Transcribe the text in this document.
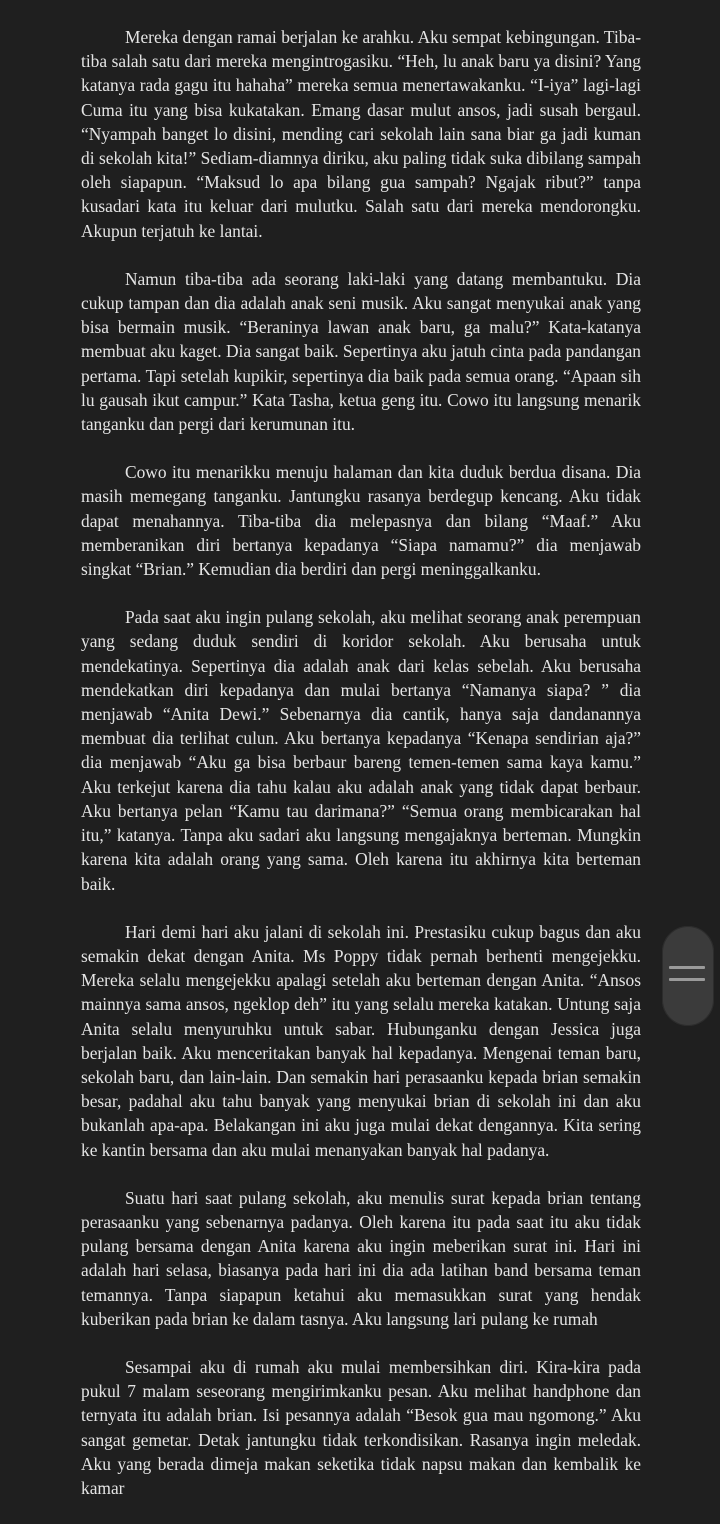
Mereka dengan ramai berjalan ke arahku. Aku sempat kebingungan. Tiba-tiba salah satu dari mereka mengintrogasiku. “Heh, lu anak baru ya disini? Yang katanya rada gagu itu hahaha” mereka semua menertawakanku. “I-iya” lagi-lagi Cuma itu yang bisa kukatakan. Emang dasar mulut ansos, jadi susah bergaul. “Nyampah banget lo disini, mending cari sekolah lain sana biar ga jadi kuman di sekolah kita!” Sediam-diamnya diriku, aku paling tidak suka dibilang sampah oleh siapapun. “Maksud lo apa bilang gua sampah? Ngajak ribut?” tanpa kusadari kata itu keluar dari mulutku. Salah satu dari mereka mendorongku. Akupun terjatuh ke lantai.

Namun tiba-tiba ada seorang laki-laki yang datang membantuku. Dia cukup tampan dan dia adalah anak seni musik. Aku sangat menyukai anak yang bisa bermain musik. “Beraninya lawan anak baru, ga malu?” Kata-katanya membuat aku kaget. Dia sangat baik. Sepertinya aku jatuh cinta pada pandangan pertama. Tapi setelah kupikir, sepertinya dia baik pada semua orang. “Apaan sih lu gausah ikut campur.” Kata Tasha, ketua geng itu. Cowo itu langsung menarik tanganku dan pergi dari kerumunan itu.

Cowo itu menarikku menuju halaman dan kita duduk berdua disana. Dia masih memegang tanganku. Jantungku rasanya berdegup kencang. Aku tidak dapat menahannya. Tiba-tiba dia melepasnya dan bilang “Maaf.” Aku memberanikan diri bertanya kepadanya “Siapa namamu?” dia menjawab singkat “Brian.” Kemudian dia berdiri dan pergi meninggalkanku.

Pada saat aku ingin pulang sekolah, aku melihat seorang anak perempuan yang sedang duduk sendiri di koridor sekolah. Aku berusaha untuk mendekatinya. Sepertinya dia adalah anak dari kelas sebelah. Aku berusaha mendekatkan diri kepadanya dan mulai bertanya “Namanya siapa? ” dia menjawab “Anita Dewi.” Sebenarnya dia cantik, hanya saja dandanannya membuat dia terlihat culun. Aku bertanya kepadanya “Kenapa sendirian aja?” dia menjawab “Aku ga bisa berbaur bareng temen-temen sama kaya kamu.” Aku terkejut karena dia tahu kalau aku adalah anak yang tidak dapat berbaur. Aku bertanya pelan “Kamu tau darimana?” “Semua orang membicarakan hal itu,” katanya. Tanpa aku sadari aku langsung mengajaknya berteman. Mungkin karena kita adalah orang yang sama. Oleh karena itu akhirnya kita berteman baik.

Hari demi hari aku jalani di sekolah ini. Prestasiku cukup bagus dan aku semakin dekat dengan Anita. Ms Poppy tidak pernah berhenti mengejekku. Mereka selalu mengejekku apalagi setelah aku berteman dengan Anita. “Ansos mainnya sama ansos, ngeklop deh” itu yang selalu mereka katakan. Untung saja Anita selalu menyuruhku untuk sabar. Hubunganku dengan Jessica juga berjalan baik. Aku menceritakan banyak hal kepadanya. Mengenai teman baru, sekolah baru, dan lain-lain. Dan semakin hari perasaanku kepada brian semakin besar, padahal aku tahu banyak yang menyukai brian di sekolah ini dan aku bukanlah apa-apa. Belakangan ini aku juga mulai dekat dengannya. Kita sering ke kantin bersama dan aku mulai menanyakan banyak hal padanya.

Suatu hari saat pulang sekolah, aku menulis surat kepada brian tentang perasaanku yang sebenarnya padanya. Oleh karena itu pada saat itu aku tidak pulang bersama dengan Anita karena aku ingin meberikan surat ini. Hari ini adalah hari selasa, biasanya pada hari ini dia ada latihan band bersama teman temannya. Tanpa siapapun ketahui aku memasukkan surat yang hendak kuberikan pada brian ke dalam tasnya. Aku langsung lari pulang ke rumah

Sesampai aku di rumah aku mulai membersihkan diri. Kira-kira pada pukul 7 malam seseorang mengirimkanku pesan. Aku melihat handphone dan ternyata itu adalah brian. Isi pesannya adalah “Besok gua mau ngomong.” Aku sangat gemetar. Detak jantungku tidak terkondisikan. Rasanya ingin meledak. Aku yang berada dimeja makan seketika tidak napsu makan dan kembalik ke kamar
